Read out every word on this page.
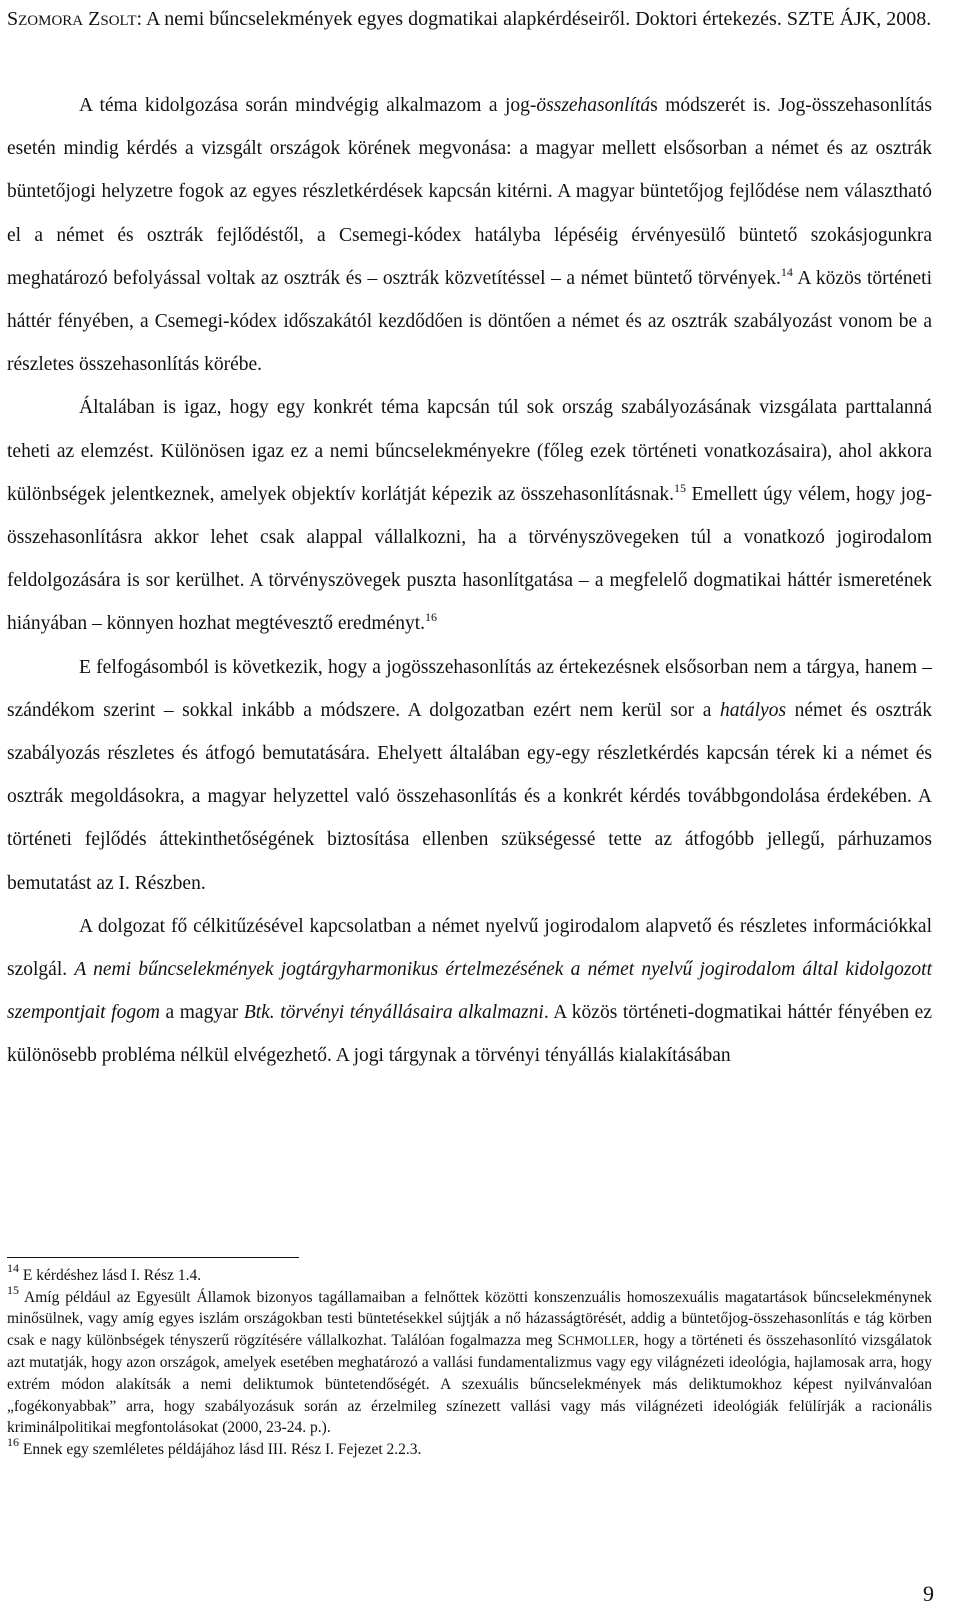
SZOMORA ZSOLT: A nemi bűncselekmények egyes dogmatikai alapkérdéseiről. Doktori értekezés. SZTE ÁJK, 2008.

A téma kidolgozása során mindvégig alkalmazom a jog-összehasonlítás módszerét is. Jog-összehasonlítás esetén mindig kérdés a vizsgált országok körének megvonása: a magyar mellett elsősorban a német és az osztrák büntetőjogi helyzetre fogok az egyes részletkérdések kapcsán kitérni. A magyar büntetőjog fejlődése nem választható el a német és osztrák fejlődéstől, a Csemegi-kódex hatályba lépéséig érvényesülő büntető szokásjogunkra meghatározó befolyással voltak az osztrák és – osztrák közvetítéssel – a német büntető törvények.$^{14}$ A közös történeti háttér fényében, a Csemegi-kódex időszakától kezdődően is döntően a német és az osztrák szabályozást vonom be a részletes összehasonlítás körébe.

Általában is igaz, hogy egy konkrét téma kapcsán túl sok ország szabályozásának vizsgálata parttalanná teheti az elemzést. Különösen igaz ez a nemi bűncselekményekre (főleg ezek történeti vonatkozásaira), ahol akkora különbségek jelentkeznek, amelyek objektív korlátját képezik az összehasonlításnak.$^{15}$ Emellett úgy vélem, hogy jog-összehasonlításra akkor lehet csak alappal vállalkozni, ha a törvényszövegeken túl a vonatkozó jogirodalom feldolgozására is sor kerülhet. A törvényszövegek puszta hasonlítgatása – a megfelelő dogmatikai háttér ismeretének hiányában – könnyen hozhat megtévesztő eredményt.$^{16}$

E felfogásomból is következik, hogy a jogösszehasonlítás az értekezésnek elsősorban nem a tárgya, hanem – szándékom szerint – sokkal inkább a módszere. A dolgozatban ezért nem kerül sor a hatályos német és osztrák szabályozás részletes és átfogó bemutatására. Ehelyett általában egy-egy részletkérdés kapcsán térek ki a német és osztrák megoldásokra, a magyar helyzettel való összehasonlítás és a konkrét kérdés továbbgondolása érdekében. A történeti fejlődés áttekinthetőségének biztosítása ellenben szükségessé tette az átfogóbb jellegű, párhuzamos bemutatást az I. Részben.

A dolgozat fő célkitűzésével kapcsolatban a német nyelvű jogirodalom alapvető és részletes információkkal szolgál. A nemi bűncselekmények jogtárgyharmonikus értelmezésének a német nyelvű jogirodalom által kidolgozott szempontjait fogom a magyar Btk. törvényi tényállásaira alkalmazni. A közös történeti-dogmatikai háttér fényében ez különösebb probléma nélkül elvégezhető. A jogi tárgynak a törvényi tényállás kialakításában

$^{14}$ E kérdéshez lásd I. Rész 1.4.

$^{15}$ Amíg például az Egyesült Államok bizonyos tagállamaiban a felnőttek közötti konszenzuális homoszexuális magatartások bűncselekménynek minősülnek, vagy amíg egyes iszlám országokban testi büntetésekkel sújtják a nő házasságtörését, addig a büntetőjog-összehasonlítás e tág körben csak e nagy különbségek tényszerű rögzítésére vállalkozhat. Találóan fogalmazza meg SCHMOLLER, hogy a történeti és összehasonlító vizsgálatok azt mutatják, hogy azon országok, amelyek esetében meghatározó a vallási fundamentalizmus vagy egy világnézeti ideológia, hajlamosak arra, hogy extrém módon alakítsák a nemi deliktumok büntetendőségét. A szexuális bűncselekmények más deliktumokhoz képest nyilvánvalóan „fogékonyabbak” arra, hogy szabályozásuk során az érzelmileg színezett vallási vagy más világnézeti ideológiák felülírják a racionális kriminálpolitikai megfontolásokat (2000, 23-24. p.).

$^{16}$ Ennek egy szemléletes példájához lásd III. Rész I. Fejezet 2.2.3.

9
